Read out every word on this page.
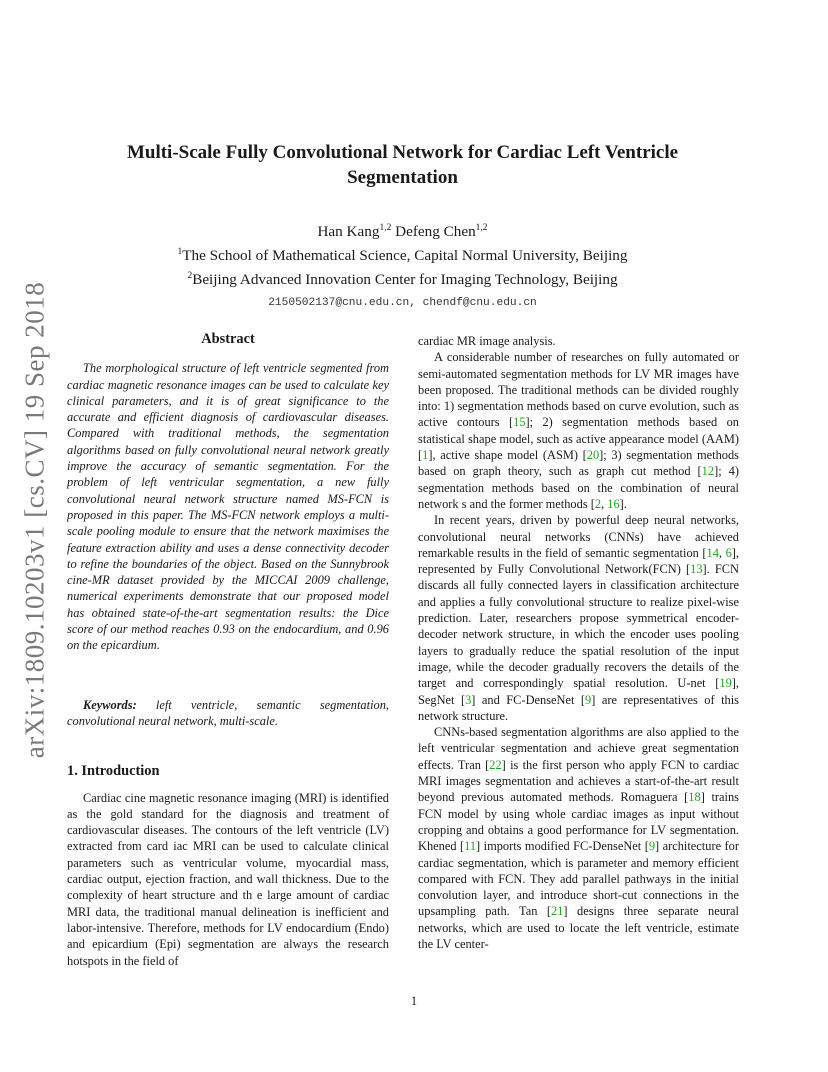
arXiv:1809.10203v1 [cs.CV] 19 Sep 2018
Multi-Scale Fully Convolutional Network for Cardiac Left Ventricle Segmentation
Han Kang$^{1,2}$ Defeng Chen$^{1,2}$
$^1$The School of Mathematical Science, Capital Normal University, Beijing
$^2$Beijing Advanced Innovation Center for Imaging Technology, Beijing
2150502137@cnu.edu.cn, chendf@cnu.edu.cn
Abstract

The morphological structure of left ventricle segmented from cardiac magnetic resonance images can be used to calculate key clinical parameters, and it is of great significance to the accurate and efficient diagnosis of cardiovascular diseases. Compared with traditional methods, the segmentation algorithms based on fully convolutional neural network greatly improve the accuracy of semantic segmentation. For the problem of left ventricular segmentation, a new fully convolutional neural network structure named MS-FCN is proposed in this paper. The MS-FCN network employs a multi-scale pooling module to ensure that the network maximises the feature extraction ability and uses a dense connectivity decoder to refine the boundaries of the object. Based on the Sunnybrook cine-MR dataset provided by the MICCAI 2009 challenge, numerical experiments demonstrate that our proposed model has obtained state-of-the-art segmentation results: the Dice score of our method reaches 0.93 on the endocardium, and 0.96 on the epicardium.

Keywords: left ventricle, semantic segmentation, convolutional neural network, multi-scale.

1. Introduction

Cardiac cine magnetic resonance imaging (MRI) is identified as the gold standard for the diagnosis and treatment of cardiovascular diseases. The contours of the left ventricle (LV) extracted from card iac MRI can be used to calculate clinical parameters such as ventricular volume, myocardial mass, cardiac output, ejection fraction, and wall thickness. Due to the complexity of heart structure and th e large amount of cardiac MRI data, the traditional manual delineation is inefficient and labor-intensive. Therefore, methods for LV endocardium (Endo) and epicardium (Epi) segmentation are always the research hotspots in the field of

cardiac MR image analysis.

A considerable number of researches on fully automated or semi-automated segmentation methods for LV MR images have been proposed. The traditional methods can be divided roughly into: 1) segmentation methods based on curve evolution, such as active contours [15]; 2) segmentation methods based on statistical shape model, such as active appearance model (AAM) [1], active shape model (ASM) [20]; 3) segmentation methods based on graph theory, such as graph cut method [12]; 4) segmentation methods based on the combination of neural network s and the former methods [2, 16].

In recent years, driven by powerful deep neural networks, convolutional neural networks (CNNs) have achieved remarkable results in the field of semantic segmentation [14, 6], represented by Fully Convolutional Network(FCN) [13]. FCN discards all fully connected layers in classification architecture and applies a fully convolutional structure to realize pixel-wise prediction. Later, researchers propose symmetrical encoder-decoder network structure, in which the encoder uses pooling layers to gradually reduce the spatial resolution of the input image, while the decoder gradually recovers the details of the target and correspondingly spatial resolution. U-net [19], SegNet [3] and FC-DenseNet [9] are representatives of this network structure.

CNNs-based segmentation algorithms are also applied to the left ventricular segmentation and achieve great segmentation effects. Tran [22] is the first person who apply FCN to cardiac MRI images segmentation and achieves a start-of-the-art result beyond previous automated methods. Romaguera [18] trains FCN model by using whole cardiac images as input without cropping and obtains a good performance for LV segmentation. Khened [11] imports modified FC-DenseNet [9] architecture for cardiac segmentation, which is parameter and memory efficient compared with FCN. They add parallel pathways in the initial convolution layer, and introduce short-cut connections in the upsampling path. Tan [21] designs three separate neural networks, which are used to locate the left ventricle, estimate the LV center-

1
